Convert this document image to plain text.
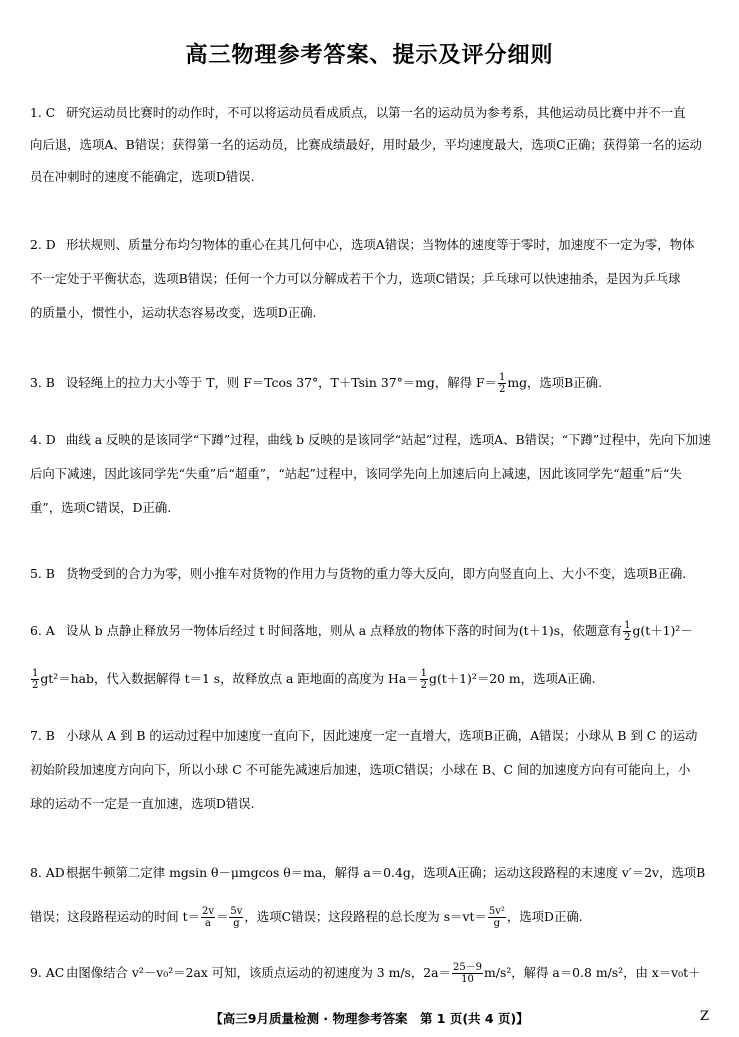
高三物理参考答案、提示及评分细则
1. C 研究运动员比赛时的动作时，不可以将运动员看成质点，以第一名的运动员为参考系，其他运动员比赛中并不一直
向后退，选项A、B错误；获得第一名的运动员，比赛成绩最好，用时最少，平均速度最大，选项C正确；获得第一名的运动
员在冲刺时的速度不能确定，选项D错误.
2. D 形状规则、质量分布均匀物体的重心在其几何中心，选项A错误；当物体的速度等于零时，加速度不一定为零，物体
不一定处于平衡状态，选项B错误；任何一个力可以分解成若干个力，选项C错误；乒乓球可以快速抽杀，是因为乒乓球
的质量小，惯性小，运动状态容易改变，选项D正确.
3. B 设轻绳上的拉力大小等于 T，则 F＝Tcos 37°，T＋Tsin 37°＝mg，解得 $F= \frac{1}{2}$ mg，选项B正确.
4. D 曲线 a 反映的是该同学“下蹲”过程，曲线 b 反映的是该同学“站起”过程，选项A、B错误；“下蹲”过程中，先向下加速
后向下减速，因此该同学先“失重”后“超重”，“站起”过程中，该同学先向上加速后向上减速，因此该同学先“超重”后“失
重”，选项C错误，D正确.
5. B 货物受到的合力为零，则小推车对货物的作用力与货物的重力等大反向，即方向竖直向上、大小不变，选项B正确.
6. A 设从 b 点静止释放另一物体后经过 t 时间落地，则从 a 点释放的物体下落的时间为(t＋1)s，依题意有 $\frac{1}{2} g(t+1)^2-$
$\frac{1}{2} gt^2=hab$，代入数据解得 t＝1 s，故释放点 a 距地面的高度为 $Ha= \frac{1}{2} g(t+1)^2=20$ m，选项A正确.
7. B 小球从 A 到 B 的运动过程中加速度一直向下，因此速度一定一直增大，选项B正确，A错误；小球从 B 到 C 的运动
初始阶段加速度方向向下，所以小球 C 不可能先减速后加速，选项C错误；小球在 B、C 间的加速度方向有可能向上，小
球的运动不一定是一直加速，选项D错误.
8. AD根据牛顿第二定律 mgsin θ－μmgcos θ＝ma，解得 a＝0.4g，选项A正确；运动这段路程的末速度 v′＝2v，选项B
错误；这段路程运动的时间 $t= \frac{2v}{a} = \frac{5v}{g}$ ，选项C错误；这段路程的总长度为 $s=vt= \frac{\text{5v²}}{g}$ ，选项D正确.
9. AC 由图像结合 v²－v₀²＝2ax 可知，该质点运动的初速度为 3 m/s，$2a= \frac{25-9}{10} m/s^2$，解得 a＝0.8 m/s²，由 x＝v₀t＋
【高三9月质量检测 · 物理参考答案　第 1 页(共 4 页)】	Z
